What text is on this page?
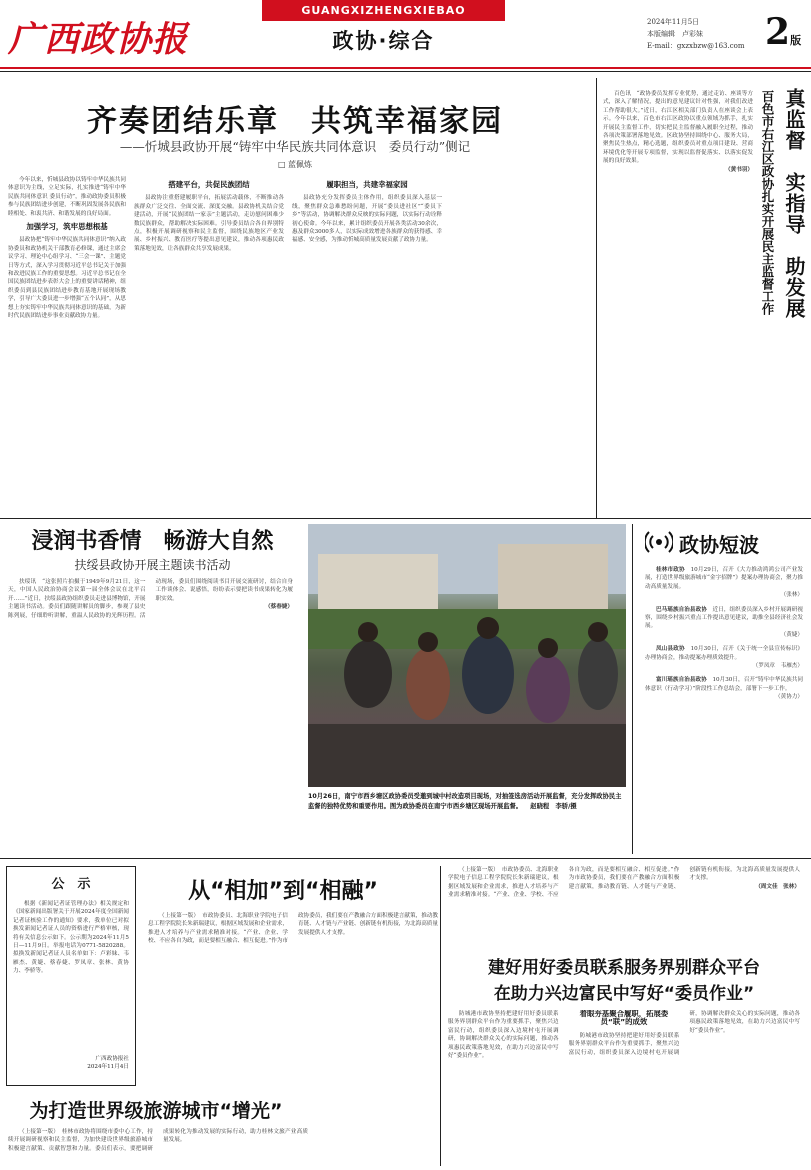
广西政协报
GUANGXIZHENGXIEBAO
政协·综合
2024年11月5日
本版编辑　卢彩妹
E-mail：gxzxbzw@163.com 2版
齐奏团结乐章　共筑幸福家园
——忻城县政协开展“铸牢中华民族共同体意识　委员行动”侧记
□ 蓝佩炼

今年以来，忻城县政协以铸牢中华民族共同体意识为主线，立足实际，扎实推进“铸牢中华民族共同体意识 委员行动”，推动政协委员积极参与民族团结进步创建，不断巩固发展各民族和睦相处、和衷共济、和谐发展的良好局面。

加强学习，筑牢思想根基

县政协把“铸牢中华民族共同体意识”纳入政协委员和政协机关干部教育必修课，通过主席会议学习、理论中心组学习、“三会一课”、主题党日等方式，深入学习贯彻习近平总书记关于加强和改进民族工作的重要思想。习近平总书记在全国民族团结进步表彰大会上的重要讲话精神，组织委员到县民族团结进步教育基地开展现场教学，引导广大委员进一步增强“五个认同”，从思想上夯实铸牢中华民族共同体意识的基础，为新时代民族团结进步事业贡献政协力量。

搭建平台，共促民族团结

县政协注重搭建履职平台，拓展活动载体，不断推动各族群众广泛交往、全面交流、深度交融。县政协机关结合党建活动，开展“民族团结一家亲”主题活动，走访慰问困难少数民族群众，帮助解决实际困难。引导委员结合各自界别特点，积极开展调研视察和民主监督，围绕民族地区产业发展、乡村振兴、教育医疗等提出意见建议，推动各项惠民政策落地见效，让各族群众共享发展成果。

履职担当，共建幸福家园

县政协充分发挥委员主体作用，组织委员深入基层一线，聚焦群众急难愁盼问题，开展“委员进社区”“委员下乡”等活动，协调解决群众反映的实际问题，以实际行动诠释初心使命。今年以来，累计组织委员开展各类活动30余次，惠及群众3000多人，以实际成效增进各族群众的获得感、幸福感、安全感，为推动忻城高质量发展贡献了政协力量。	真监督　实指导　助发展
百色市右江区政协扎实开展民主监督工作

百色讯　“政协委员发挥专业优势，通过走访、座谈等方式，深入了解情况，提出的意见建议针对性强，对我们改进工作帮助很大。”近日，右江区相关部门负责人在座谈会上表示。今年以来，百色市右江区政协以重点领域为抓手，扎实开展民主监督工作，切实把民主监督融入履职全过程，推动各项决策部署落地见效。区政协坚持围绕中心、服务大局，聚焦民生热点，精心选题，组织委员对重点项目建设、营商环境优化等开展专项监督，实现以监督促落实、以落实促发展的良好效果。

（黄书羽）
浸润书香情　畅游大自然
扶绥县政协开展主题读书活动

扶绥讯　“这张照片拍摄于1949年9月21日，这一天，中国人民政治协商会议第一届全体会议在北平召开……”近日，扶绥县政协组织委员走进县博物馆，开展主题读书活动。委员们跟随讲解员的脚步，参观了县史陈列展，仔细聆听讲解，重温人民政协的光辉历程。活动现场，委员们围绕阅读书目开展交流研讨，结合自身工作谈体会、说感悟，纷纷表示要把读书成果转化为履职实效。

（蔡春婕）
10月26日，南宁市西乡塘区政协委员受邀到城中村改造项目现场，对抽签选房活动开展监督，充分发挥政协民主监督的独特优势和重要作用。图为政协委员在南宁市西乡塘区现场开展监督。 赵晓程　李骄/摄
政协短波

桂林市政协　 10月29日，召开《大力推动鸿鸿公司产业发展，打造世界级旅游城市“金字招牌”》提案办理协商会，聚力推动高质量发展。

（张林）

巴马瑶族自治县政协　 近日，组织委员深入乡村开展调研视察，围绕乡村振兴重点工作提出意见建议，助推全县经济社会发展。

（黄婕）

凤山县政协　 10月30日，召开《关于统一全县宣传标识》办理协商会，推动提案办理质效提升。

（罗凤章　韦雁杰）

富川瑶族自治县政协　 10月30日，召开“铸牢中华民族共同体意识（行动学习）”阶段性工作总结会，部署下一步工作。

（黄协力）
公　示

根据《新闻记者证管理办法》相关规定和《国家新闻出版署关于开展2024年度全国新闻记者证核验工作的通知》要求，我单位已对拟换发新闻记者证人员的资格进行严格审核，现将有关信息公示如下。公示期为2024年11月5日—11月9日。举报电话为0771-5820288。拟换发新闻记者证人员名单如下：卢彩妹、韦雁杰、黄婕、蔡春婕、罗凤章、张林、黄协力、李骄等。

广西政协报社
2024年11月4日
从“相加”到“相融”

（上接第一版）　市政协委员、北海职业学院电子信息工程学院院长朱新瑞建议，根据区域发展和企业需求，推进人才培养与产业需求精准对接。“产业、企业、学校、不应各自为政，而是要相互融合、相互促进。”作为市政协委员，我们要在产教融合方面积极建言献策，推动教育链、人才链与产业链、创新链有机衔接，为北海高质量发展提供人才支撑。

（上接第一版）　市政协委员、北海职业学院电子信息工程学院院长朱新瑞建议，根据区域发展和企业需求，推进人才培养与产业需求精准对接。“产业、企业、学校、不应各自为政，而是要相互融合、相互促进。”作为市政协委员，我们要在产教融合方面积极建言献策，推动教育链、人才链与产业链、创新链有机衔接，为北海高质量发展提供人才支撑。

（周文佳　张林）
建好用好委员联系服务界别群众平台
在助力兴边富民中写好“委员作业”

防城港市政协坚持把建好用好委员联系服务界别群众平台作为重要抓手，聚焦兴边富民行动，组织委员深入边境村屯开展调研，协调解决群众关心的实际问题，推动各项惠民政策落地见效，在助力兴边富民中写好“委员作业”。

着眼夯基聚合履职，拓展委员“联”的成效

防城港市政协坚持把建好用好委员联系服务界别群众平台作为重要抓手，聚焦兴边富民行动，组织委员深入边境村屯开展调研，协调解决群众关心的实际问题，推动各项惠民政策落地见效，在助力兴边富民中写好“委员作业”。

为打造世界级旅游城市“增光”

（上接第一版）　桂林市政协将围绕市委中心工作，持续开展调研视察和民主监督，为加快建设世界级旅游城市积极建言献策、贡献智慧和力量。委员们表示，要把调研成果转化为推动发展的实际行动，助力桂林文旅产业高质量发展。
